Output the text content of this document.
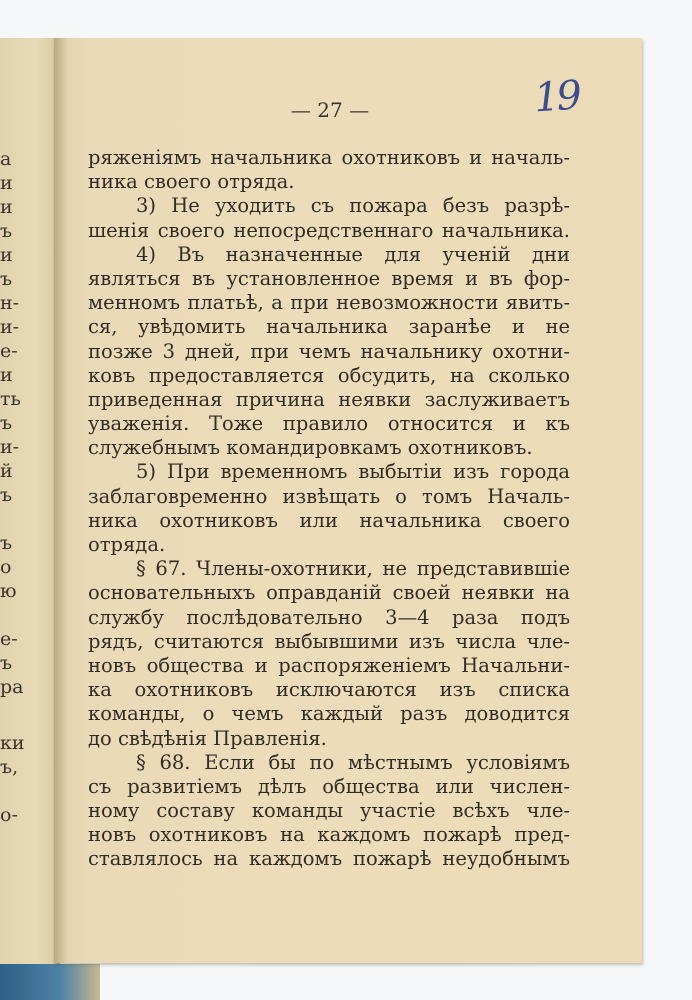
а
и
и
ъ
и
ъ
н-
и-
е-
и
ть
ъ
и-
й
ъ
ъ
о
ю
е-
ъ
ра
ки
ъ,
о-
— 27 —	19
ряженіямъ начальника охотниковъ и началь-
ника своего отряда.
3) Не уходить съ пожара безъ разрѣ-
шенія своего непосредственнаго начальника.
4) Въ назначенные для ученій дни
являться въ установленное время и въ фор-
менномъ платьѣ, а при невозможности явить-
ся, увѣдомить начальника заранѣе и не
позже 3 дней, при чемъ начальнику охотни-
ковъ предоставляется обсудить, на сколько
приведенная причина неявки заслуживаетъ
уваженія. Тоже правило относится и къ
служебнымъ командировкамъ охотниковъ.
5) При временномъ выбытіи изъ города
заблаговременно извѣщать о томъ Началь-
ника охотниковъ или начальника своего
отряда.
§ 67. Члены-охотники, не представившіе
основательныхъ оправданій своей неявки на
службу послѣдовательно 3—4 раза подъ
рядъ, считаются выбывшими изъ числа чле-
новъ общества и распоряженіемъ Начальни-
ка охотниковъ исключаются изъ списка
команды, о чемъ каждый разъ доводится
до свѣдѣнія Правленія.
§ 68. Если бы по мѣстнымъ условіямъ
съ развитіемъ дѣлъ общества или числен-
ному составу команды участіе всѣхъ чле-
новъ охотниковъ на каждомъ пожарѣ пред-
ставлялось на каждомъ пожарѣ неудобнымъ
